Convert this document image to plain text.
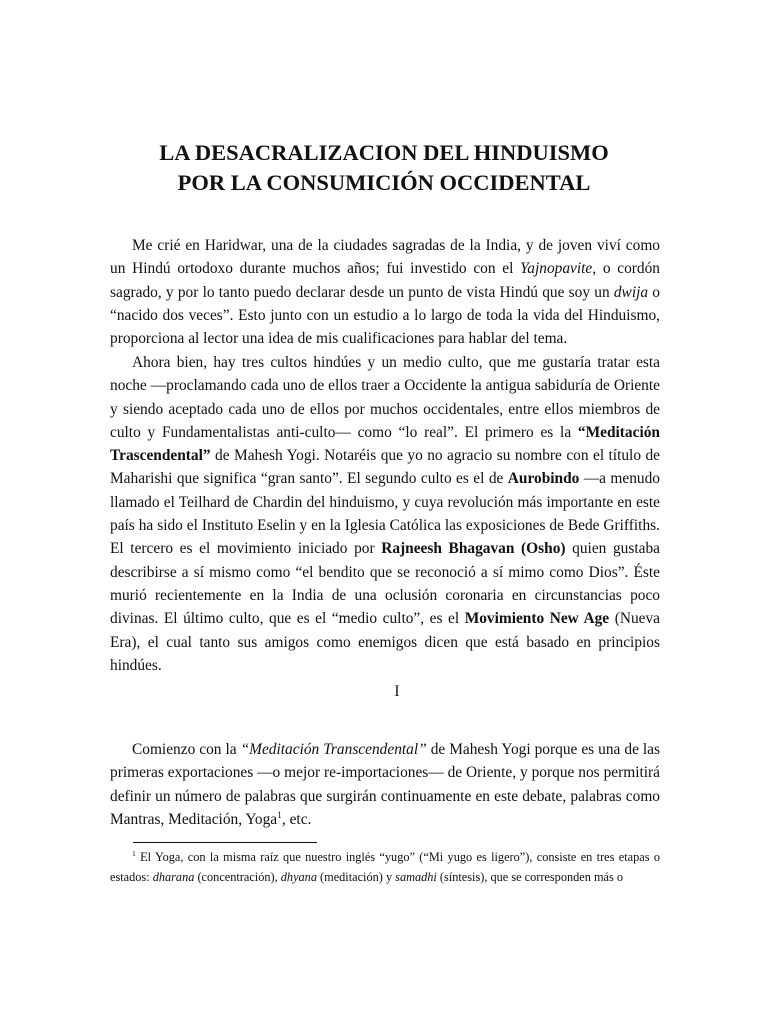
LA DESACRALIZACION DEL HINDUISMO
POR LA CONSUMICIÓN OCCIDENTAL

Me crié en Haridwar, una de la ciudades sagradas de la India, y de joven viví como un Hindú ortodoxo durante muchos años; fui investido con el Yajnopavite, o cordón sagrado, y por lo tanto puedo declarar desde un punto de vista Hindú que soy un dwija o “nacido dos veces”. Esto junto con un estudio a lo largo de toda la vida del Hinduismo, proporciona al lector una idea de mis cualificaciones para hablar del tema.

Ahora bien, hay tres cultos hindúes y un medio culto, que me gustaría tratar esta noche —proclamando cada uno de ellos traer a Occidente la antigua sabiduría de Oriente y siendo aceptado cada uno de ellos por muchos occidentales, entre ellos miembros de culto y Fundamentalistas anti-culto— como “lo real”. El primero es la “Meditación Trascendental” de Mahesh Yogi. Notaréis que yo no agracio su nombre con el título de Maharishi que significa “gran santo”. El segundo culto es el de Aurobindo —a menudo llamado el Teilhard de Chardin del hinduismo, y cuya revolución más importante en este país ha sido el Instituto Eselin y en la Iglesia Católica las exposiciones de Bede Griffiths. El tercero es el movimiento iniciado por Rajneesh Bhagavan (Osho) quien gustaba describirse a sí mismo como “el bendito que se reconoció a sí mimo como Dios”. Éste murió recientemente en la India de una oclusión coronaria en circunstancias poco divinas. El último culto, que es el “medio culto”, es el Movimiento New Age (Nueva Era), el cual tanto sus amigos como enemigos dicen que está basado en principios hindúes.

I

Comienzo con la “Meditación Transcendental” de Mahesh Yogi porque es una de las primeras exportaciones —o mejor re-importaciones— de Oriente, y porque nos permitirá definir un número de palabras que surgirán continuamente en este debate, palabras como Mantras, Meditación, Yoga$^1$, etc.

$^1$ El Yoga, con la misma raíz que nuestro inglés “yugo” (“Mi yugo es ligero”), consiste en tres etapas o estados: dharana (concentración), dhyana (meditación) y samadhi (síntesis), que se corresponden más o
